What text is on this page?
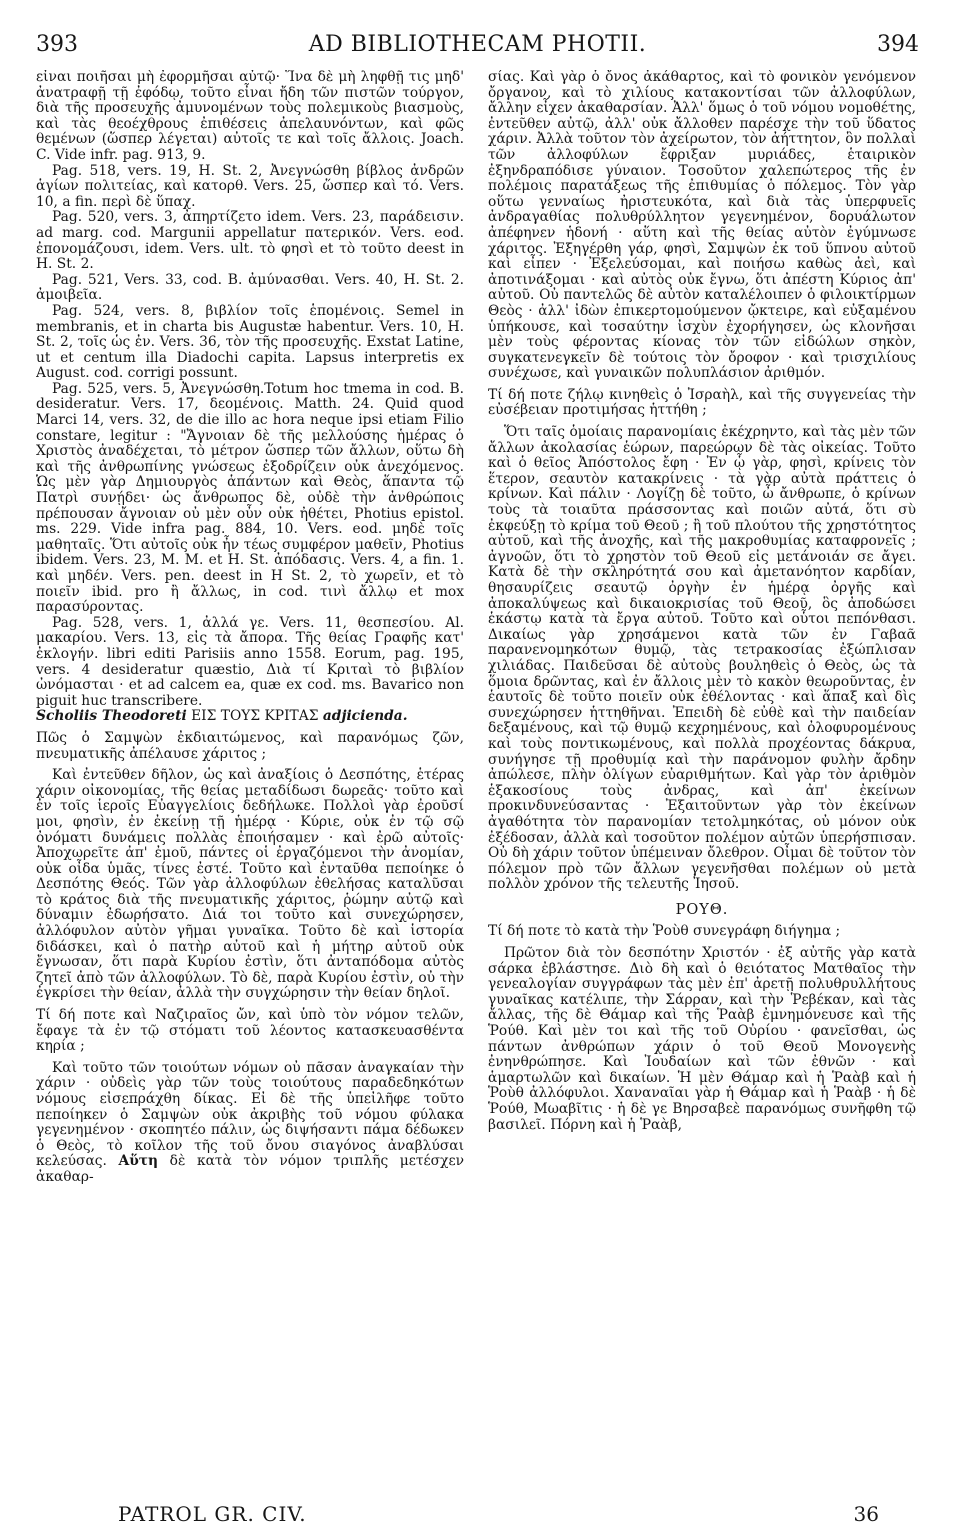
393	AD BIBLIOTHECAM PHOTII.	394

εἶναι ποιῆσαι μὴ ἐφορμῆσαι αὐτῷ· Ἵνα δὲ μὴ ληφθῇ τις μηδ' ἀνατραφῇ τῇ ἐφόδῳ, τοῦτο εἶναι ἤδη τῶν πιστῶν τούργον, διὰ τῆς προσευχῆς ἀμυνομένων τοὺς πολεμικοὺς βιασμοὺς, καὶ τὰς θεοέχθρους ἐπιθέσεις ἀπελαυνόντων, καὶ φῶς θεμένων (ὥσπερ λέγεται) αὐτοῖς τε καὶ τοῖς ἄλλοις. Joach. C. Vide infr. pag. 913, 9.

Pag. 518, vers. 19, H. St. 2, Ἀνεγνώσθη βίβλος ἀνδρῶν ἁγίων πολιτείας, καὶ κατορθ. Vers. 25, ὥσπερ καὶ τό. Vers. 10, a fin. περὶ δὲ ὕπαχ.

Pag. 520, vers. 3, ἀπηρτίζετο idem. Vers. 23, παράδεισιν. ad marg. cod. Margunii appellatur πατερικόν. Vers. eod. ἐπονομάζουσι, idem. Vers. ult. τὸ φησὶ et τὸ τοῦτο deest in H. St. 2.

Pag. 521, Vers. 33, cod. B. ἀμύνασθαι. Vers. 40, H. St. 2. ἀμοιβεῖα.

Pag. 524, vers. 8, βιβλίον τοῖς ἑπομένοις. Semel in membranis, et in charta bis Augustæ habentur. Vers. 10, H. St. 2, τοῖς ὡς ἐν. Vers. 36, τὸν τῆς προσευχῆς. Exstat Latine, ut et centum illa Diadochi capita. Lapsus interpretis ex August. cod. corrigi possunt.

Pag. 525, vers. 5, Ἀνεγνώσθη.Totum hoc tmema in cod. B. desideratur. Vers. 17, δεομένοις. Matth. 24. Quid quod Marci 14, vers. 32, de die illo ac hora neque ipsi etiam Filio constare, legitur : "Ἄγνοιαν δὲ τῆς μελλούσης ἡμέρας ὁ Χριστὸς ἀναδέχεται, τὸ μέτρον ὥσπερ τῶν ἄλλων, οὕτω δὴ καὶ τῆς ἀνθρωπίνης γνώσεως ἐξοδρίζειν οὐκ ἀνεχόμενος. Ὡς μὲν γὰρ Δημιουργὸς ἁπάντων καὶ Θεὸς, ἅπαντα τῷ Πατρὶ συνῄδει· ὡς ἄνθρωπος δὲ, οὐδὲ τὴν ἀνθρώποις πρέπουσαν ἄγνοιαν οὐ μὲν οὖν οὐκ ἠθέτει, Photius epistol. ms. 229. Vide infra pag. 884, 10. Vers. eod. μηδὲ τοῖς μαθηταῖς. Ὅτι αὐτοῖς οὐκ ἦν τέως συμφέρον μαθεῖν, Photius ibidem. Vers. 23, M. M. et H. St. ἀπόδασις. Vers. 4, a fin. 1. καὶ μηδέν. Vers. pen. deest in H St. 2, τὸ χωρεῖν, et τὸ ποιεῖν ibid. pro ἢ ἄλλως, in cod. τινὶ ἄλλῳ et mox παρασύροντας.

Pag. 528, vers. 1, ἀλλά γε. Vers. 11, θεσπεσίου. Al. μακαρίου. Vers. 13, εἰς τὰ ἄπορα. Τῆς θείας Γραφῆς κατ' ἐκλογήν. libri editi Parisiis anno 1558. Eorum, pag. 195, vers. 4 desideratur quæstio, Διὰ τί Κριταὶ τὸ βιβλίον ὠνόμασται · et ad calcem ea, quæ ex cod. ms. Bavarico non piguit huc transcribere.

Scholiis Theodoreti ΕΙΣ ΤΟΥΣ ΚΡΙΤΑΣ adjicienda.

Πῶς ὁ Σαμψὼν ἐκδιαιτώμενος, καὶ παρανόμως ζῶν, πνευματικῆς ἀπέλαυσε χάριτος ;

Καὶ ἐντεῦθεν δῆλον, ὡς καὶ ἀναξίοις ὁ Δεσπότης, ἑτέρας χάριν οἰκονομίας, τῆς θείας μεταδίδωσι δωρεᾶς· τοῦτο καὶ ἐν τοῖς ἱεροῖς Εὐαγγελίοις δεδήλωκε. Πολλοὶ γὰρ ἐροῦσί μοι, φησὶν, ἐν ἐκείνῃ τῇ ἡμέρᾳ · Κύριε, οὐκ ἐν τῷ σῷ ὀνόματι δυνάμεις πολλὰς ἐποιήσαμεν · καὶ ἐρῶ αὐτοῖς· Ἀποχωρεῖτε ἀπ' ἐμοῦ, πάντες οἱ ἐργαζόμενοι τὴν ἀνομίαν, οὐκ οἶδα ὑμᾶς, τίνες ἐστέ. Τοῦτο καὶ ἐνταῦθα πεποίηκε ὁ Δεσπότης Θεός. Τῶν γὰρ ἀλλοφύλων ἐθελήσας καταλῦσαι τὸ κράτος διὰ τῆς πνευματικῆς χάριτος, ῥώμην αὐτῷ καὶ δύναμιν ἐδωρήσατο. Διά τοι τοῦτο καὶ συνεχώρησεν, ἀλλόφυλον αὐτὸν γῆμαι γυναῖκα. Τοῦτο δὲ καὶ ἱστορία διδάσκει, καὶ ὁ πατὴρ αὐτοῦ καὶ ἡ μήτηρ αὐτοῦ οὐκ ἔγνωσαν, ὅτι παρὰ Κυρίου ἐστὶν, ὅτι ἀνταπόδομα αὐτὸς ζητεῖ ἀπὸ τῶν ἀλλοφύλων. Τὸ δὲ, παρὰ Κυρίου ἐστὶν, οὐ τὴν ἐγκρίσει τὴν θείαν, ἀλλὰ τὴν συγχώρησιν τὴν θείαν δηλοῖ.

Τί δή ποτε καὶ Ναζιραῖος ὤν, καὶ ὑπὸ τὸν νόμον τελῶν, ἔφαγε τὰ ἐν τῷ στόματι τοῦ λέοντος κατασκευασθέντα κηρία ;

Καὶ τοῦτο τῶν τοιούτων νόμων οὐ πᾶσαν ἀναγκαίαν τὴν χάριν · οὐδεὶς γὰρ τῶν τοὺς τοιούτους παραδεδηκότων νόμους εἰσεπράχθη δίκας. Εἰ δὲ τῆς ὑπεἰλῆφε τοῦτο πεποίηκεν ὁ Σαμψὼν οὐκ ἀκριβὴς τοῦ νόμου φύλακα γεγενημένον · σκοπητέο πάλιν, ὡς διψήσαντι πάμα δέδωκεν ὁ Θεὸς, τὸ κοῖλον τῆς τοῦ ὄνου σιαγόνος ἀναβλύσαι κελεύσας. Αὕτη δὲ κατὰ τὸν νόμον τριπλῆς μετέσχεν ἀκαθαρ-

σίας. Καὶ γὰρ ὁ ὄνος ἀκάθαρτος, καὶ τὸ φονικὸν γενόμενον ὄργανον, καὶ τὸ χιλίους κατακοντίσαι τῶν ἀλλοφύλων, ἄλλην εἶχεν ἀκαθαρσίαν. Ἀλλ' ὅμως ὁ τοῦ νόμου νομοθέτης, ἐντεῦθεν αὐτῷ, ἀλλ' οὐκ ἄλλοθεν παρέσχε τὴν τοῦ ὕδατος χάριν. Ἀλλὰ τοῦτον τὸν ἀχείρωτον, τὸν ἀήττητον, ὃν πολλαὶ τῶν ἀλλοφύλων ἔφριξαν μυριάδες, ἑταιρικὸν ἐξηνδραπόδισε γύναιον. Τοσοῦτον χαλεπώτερος τῆς ἐν πολέμοις παρατάξεως τῆς ἐπιθυμίας ὁ πόλεμος. Τὸν γὰρ οὕτω γενναίως ἠριστευκότα, καὶ διὰ τὰς ὑπερφυεῖς ἀνδραγαθίας πολυθρύλλητον γεγενημένον, δορυάλωτον ἀπέφηνεν ἡδονή · αὕτη καὶ τῆς θείας αὐτὸν ἐγύμνωσε χάριτος. Ἐξηγέρθη γάρ, φησὶ, Σαμψὼν ἐκ τοῦ ὕπνου αὐτοῦ καὶ εἶπεν · Ἐξελεύσομαι, καὶ ποιήσω καθὼς ἀεὶ, καὶ ἀποτινάξομαι · καὶ αὐτὸς οὐκ ἔγνω, ὅτι ἀπέστη Κύριος ἀπ' αὐτοῦ. Οὐ παντελῶς δὲ αὐτὸν καταλέλοιπεν ὁ φιλοικτίρμων Θεὸς · ἀλλ' ἰδὼν ἐπικερτομούμενον ᾤκτειρε, καὶ εὐξαμένου ὑπήκουσε, καὶ τοσαύτην ἰσχὺν ἐχορήγησεν, ὡς κλονῆσαι μὲν τοὺς φέροντας κίονας τὸν τῶν εἰδώλων σηκὸν, συγκατενεγκεῖν δὲ τούτοις τὸν ὄροφον · καὶ τρισχιλίους συνέχωσε, καὶ γυναικῶν πολυπλάσιον ἀριθμόν.

Τί δή ποτε ζήλῳ κινηθεὶς ὁ Ἰσραὴλ, καὶ τῆς συγγενείας τὴν εὐσέβειαν προτιμήσας ἡττήθη ;

Ὅτι ταῖς ὁμοίαις παρανομίαις ἐκέχρηντο, καὶ τὰς μὲν τῶν ἄλλων ἀκολασίας ἑώρων, παρεώρων δὲ τὰς οἰκείας. Τοῦτο καὶ ὁ θεῖος Ἀπόστολος ἔφη · Ἐν ᾧ γὰρ, φησὶ, κρίνεις τὸν ἕτερον, σεαυτὸν κατακρίνεις · τὰ γὰρ αὐτὰ πράττεις ὁ κρίνων. Καὶ πάλιν · Λογίζῃ δὲ τοῦτο, ὦ ἄνθρωπε, ὁ κρίνων τοὺς τὰ τοιαῦτα πράσσοντας καὶ ποιῶν αὐτά, ὅτι σὺ ἐκφεύξῃ τὸ κρίμα τοῦ Θεοῦ ; ἢ τοῦ πλούτου τῆς χρηστότητος αὐτοῦ, καὶ τῆς ἀνοχῆς, καὶ τῆς μακροθυμίας καταφρονεῖς ; ἀγνοῶν, ὅτι τὸ χρηστὸν τοῦ Θεοῦ εἰς μετάνοιάν σε ἄγει. Κατὰ δὲ τὴν σκληρότητά σου καὶ ἀμετανόητον καρδίαν, θησαυρίζεις σεαυτῷ ὀργὴν ἐν ἡμέρᾳ ὀργῆς καὶ ἀποκαλύψεως καὶ δικαιοκρισίας τοῦ Θεοῦ, ὃς ἀποδώσει ἑκάστῳ κατὰ τὰ ἔργα αὐτοῦ. Τοῦτο καὶ οὗτοι πεπόνθασι. Δικαίως γὰρ χρησάμενοι κατὰ τῶν ἐν Γαβαᾶ παρανενομηκότων θυμῷ, τὰς τετρακοσίας ἐξώπλισαν χιλιάδας. Παιδεῦσαι δὲ αὐτοὺς βουληθεὶς ὁ Θεὸς, ὡς τὰ ὅμοια δρῶντας, καὶ ἐν ἄλλοις μὲν τὸ κακὸν θεωροῦντας, ἐν ἑαυτοῖς δὲ τοῦτο ποιεῖν οὐκ ἐθέλοντας · καὶ ἅπαξ καὶ δὶς συνεχώρησεν ἡττηθῆναι. Ἐπειδὴ δὲ εὐθὲ καὶ τὴν παιδείαν δεξαμένους, καὶ τῷ θυμῷ κεχρημένους, καὶ ὀλοφυρομένους καὶ τοὺς ποντικωμένους, καὶ πολλὰ προχέοντας δάκρυα, συνήγησε τῇ προθυμίᾳ καὶ τὴν παράνομον φυλὴν ἄρδην ἀπώλεσε, πλὴν ὀλίγων εὐαριθμήτων. Καὶ γὰρ τὸν ἀριθμὸν ἑξακοσίους τοὺς ἀνδρας, καὶ ἀπ' ἐκείνων προκινδυνεύσαντας · Ἐξαιτοῦντων γὰρ τὸν ἐκείνων ἀγαθότητα τὸν παρανομίαν τετολμηκότας, οὐ μόνον οὐκ ἐξέδοσαν, ἀλλὰ καὶ τοσοῦτον πολέμον αὐτῶν ὑπερήσπισαν. Οὐ δὴ χάριν τοῦτον ὑπέμειναν ὄλεθρον. Οἶμαι δὲ τοῦτον τὸν πόλεμον πρὸ τῶν ἄλλων γεγενῆσθαι πολέμων οὐ μετὰ πολλὸν χρόνον τῆς τελευτῆς Ἰησοῦ.

ΡΟΥΘ.

Τί δή ποτε τὸ κατὰ τὴν Ῥοὺθ συνεγράφη διήγημα ;

Πρῶτον διὰ τὸν δεσπότην Χριστόν · ἐξ αὐτῆς γὰρ κατὰ σάρκα ἐβλάστησε. Διὸ δὴ καὶ ὁ θειότατος Ματθαῖος τὴν γενεαλογίαν συγγράφων τὰς μὲν ἐπ' ἀρετῇ πολυθρυλλήτους γυναῖκας κατέλιπε, τὴν Σάρραν, καὶ τὴν Ῥεβέκαν, καὶ τὰς ἄλλας, τῆς δὲ Θάμαρ καὶ τῆς Ῥαὰβ ἐμνημόνευσε καὶ τῆς Ῥούθ. Καὶ μὲν τοι καὶ τῆς τοῦ Οὐρίου · φανεῖσθαι, ὡς πάντων ἀνθρώπων χάριν ὁ τοῦ Θεοῦ Μονογενὴς ἐνηνθρώπησε. Καὶ Ἰουδαίων καὶ τῶν ἐθνῶν · καὶ ἁμαρτωλῶν καὶ δικαίων. Ἡ μὲν Θάμαρ καὶ ἡ Ῥαὰβ καὶ ἡ Ῥοὺθ ἀλλόφυλοι. Χαναναῖαι γὰρ ἡ Θάμαρ καὶ ἡ Ῥαὰβ · ἡ δὲ Ῥούθ, Μωαβῖτις · ἡ δὲ γε Βηρσαβεὲ παρανόμως συνῆφθη τῷ βασιλεῖ. Πόρνη καὶ ἡ Ῥαὰβ,

PATROL GR. CIV.	36
